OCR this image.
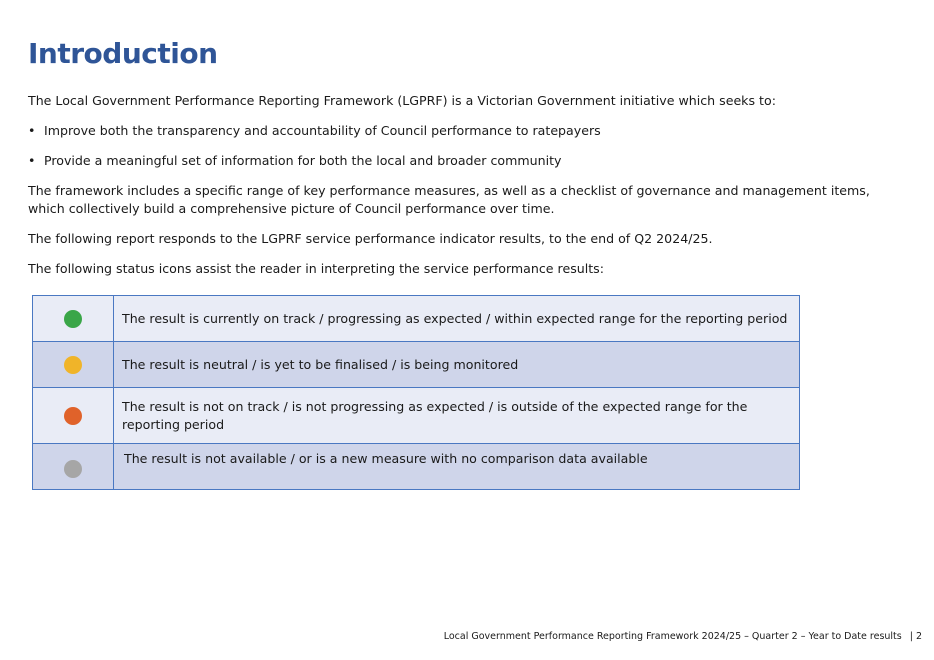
Introduction

The Local Government Performance Reporting Framework (LGPRF) is a Victorian Government initiative which seeks to:

• Improve both the transparency and accountability of Council performance to ratepayers
• Provide a meaningful set of information for both the local and broader community

The framework includes a specific range of key performance measures, as well as a checklist of governance and management items, which collectively build a comprehensive picture of Council performance over time.

The following report responds to the LGPRF service performance indicator results, to the end of Q2 2024/25.

The following status icons assist the reader in interpreting the service performance results:

	The result is currently on track / progressing as expected / within expected range for the reporting period
	The result is neutral / is yet to be finalised / is being monitored
	The result is not on track / is not progressing as expected / is outside of the expected range for the reporting period
	The result is not available / or is a new measure with no comparison data available
Local Government Performance Reporting Framework 2024/25 – Quarter 2 – Year to Date results | 2
